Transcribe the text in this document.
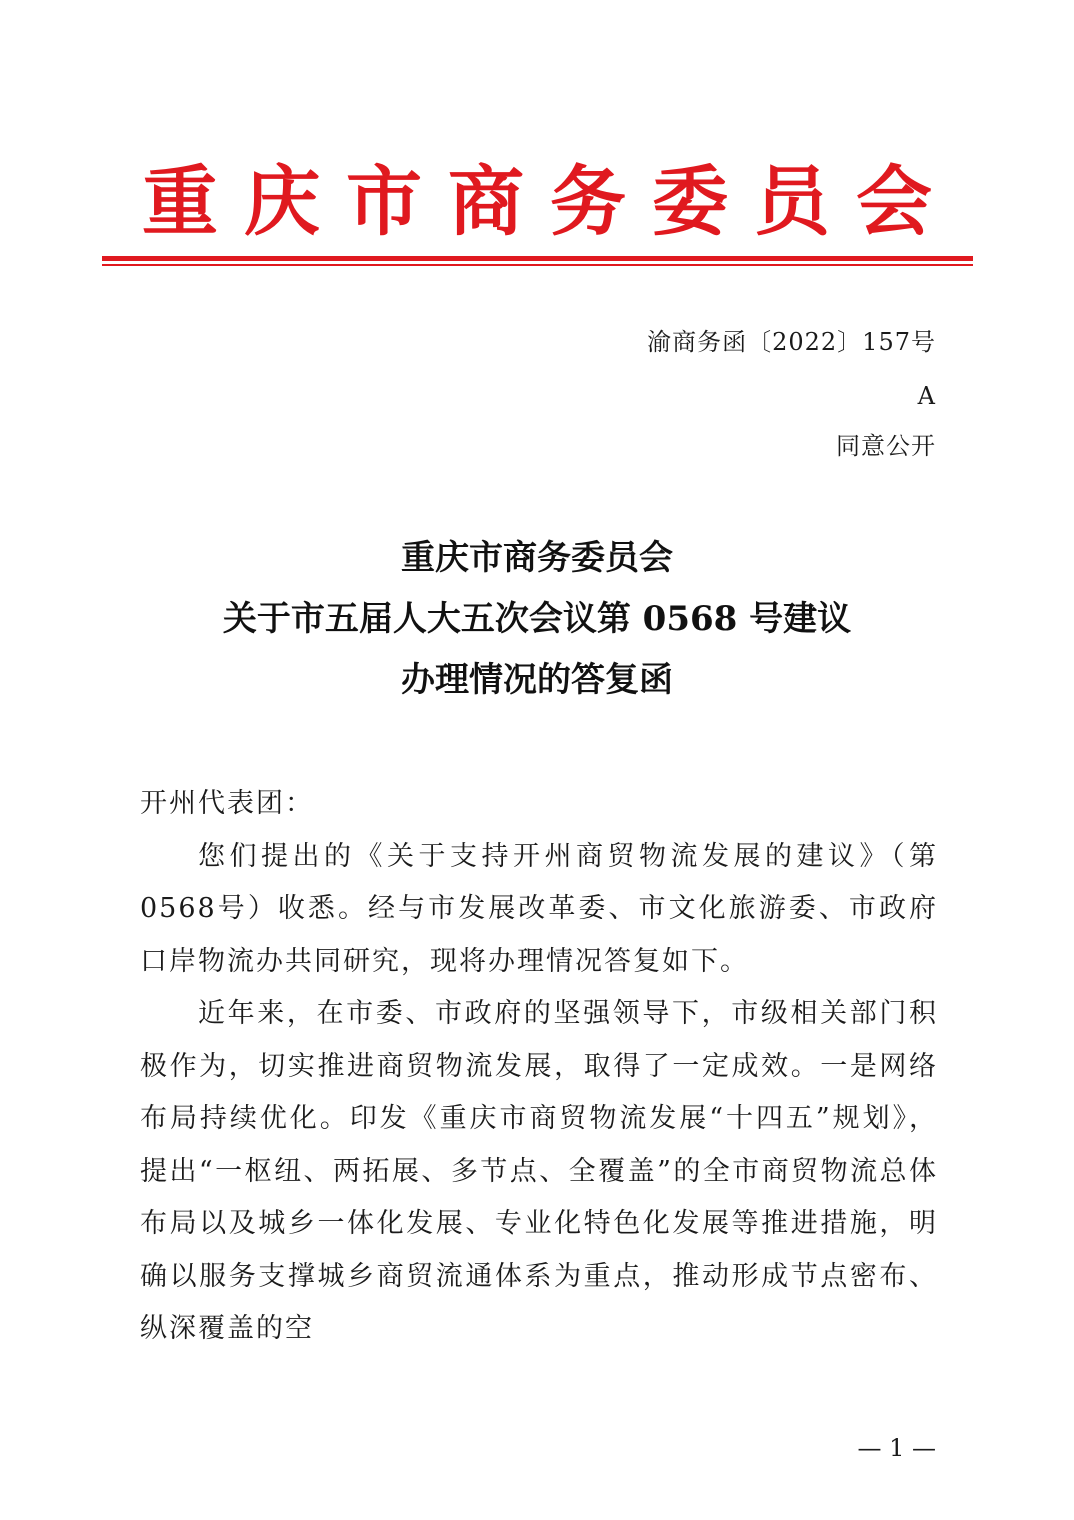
重庆市商务委员会
渝商务函〔2022〕157号
A
同意公开
重庆市商务委员会
关于市五届人大五次会议第 0568 号建议
办理情况的答复函

开州代表团：

您们提出的《关于支持开州商贸物流发展的建议》（第0568号）收悉。经与市发展改革委、市文化旅游委、市政府口岸物流办共同研究，现将办理情况答复如下。

近年来，在市委、市政府的坚强领导下，市级相关部门积极作为，切实推进商贸物流发展，取得了一定成效。一是网络布局持续优化。印发《重庆市商贸物流发展“十四五”规划》，提出“一枢纽、两拓展、多节点、全覆盖”的全市商贸物流总体布局以及城乡一体化发展、专业化特色化发展等推进措施，明确以服务支撑城乡商贸流通体系为重点，推动形成节点密布、纵深覆盖的空

— 1 —
